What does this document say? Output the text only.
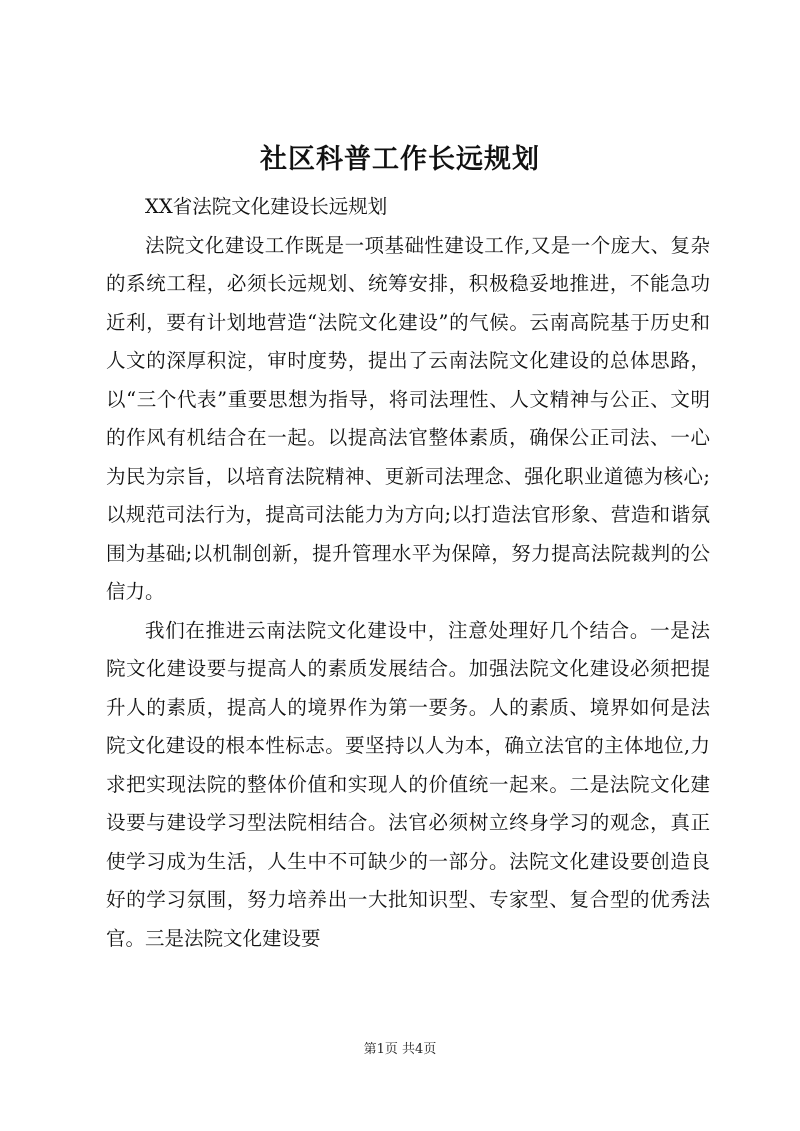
社区科普工作长远规划

XX省法院文化建设长远规划

法院文化建设工作既是一项基础性建设工作,又是一个庞大、复杂的系统工程，必须长远规划、统筹安排，积极稳妥地推进，不能急功近利，要有计划地营造“法院文化建设”的气候。云南高院基于历史和人文的深厚积淀，审时度势，提出了云南法院文化建设的总体思路，以“三个代表”重要思想为指导，将司法理性、人文精神与公正、文明的作风有机结合在一起。以提高法官整体素质，确保公正司法、一心为民为宗旨，以培育法院精神、更新司法理念、强化职业道德为核心;以规范司法行为，提高司法能力为方向;以打造法官形象、营造和谐氛围为基础;以机制创新，提升管理水平为保障，努力提高法院裁判的公信力。

我们在推进云南法院文化建设中，注意处理好几个结合。一是法院文化建设要与提高人的素质发展结合。加强法院文化建设必须把提升人的素质，提高人的境界作为第一要务。人的素质、境界如何是法院文化建设的根本性标志。要坚持以人为本，确立法官的主体地位,力求把实现法院的整体价值和实现人的价值统一起来。二是法院文化建设要与建设学习型法院相结合。法官必须树立终身学习的观念，真正使学习成为生活，人生中不可缺少的一部分。法院文化建设要创造良好的学习氛围，努力培养出一大批知识型、专家型、复合型的优秀法官。三是法院文化建设要

第1页 共4页
